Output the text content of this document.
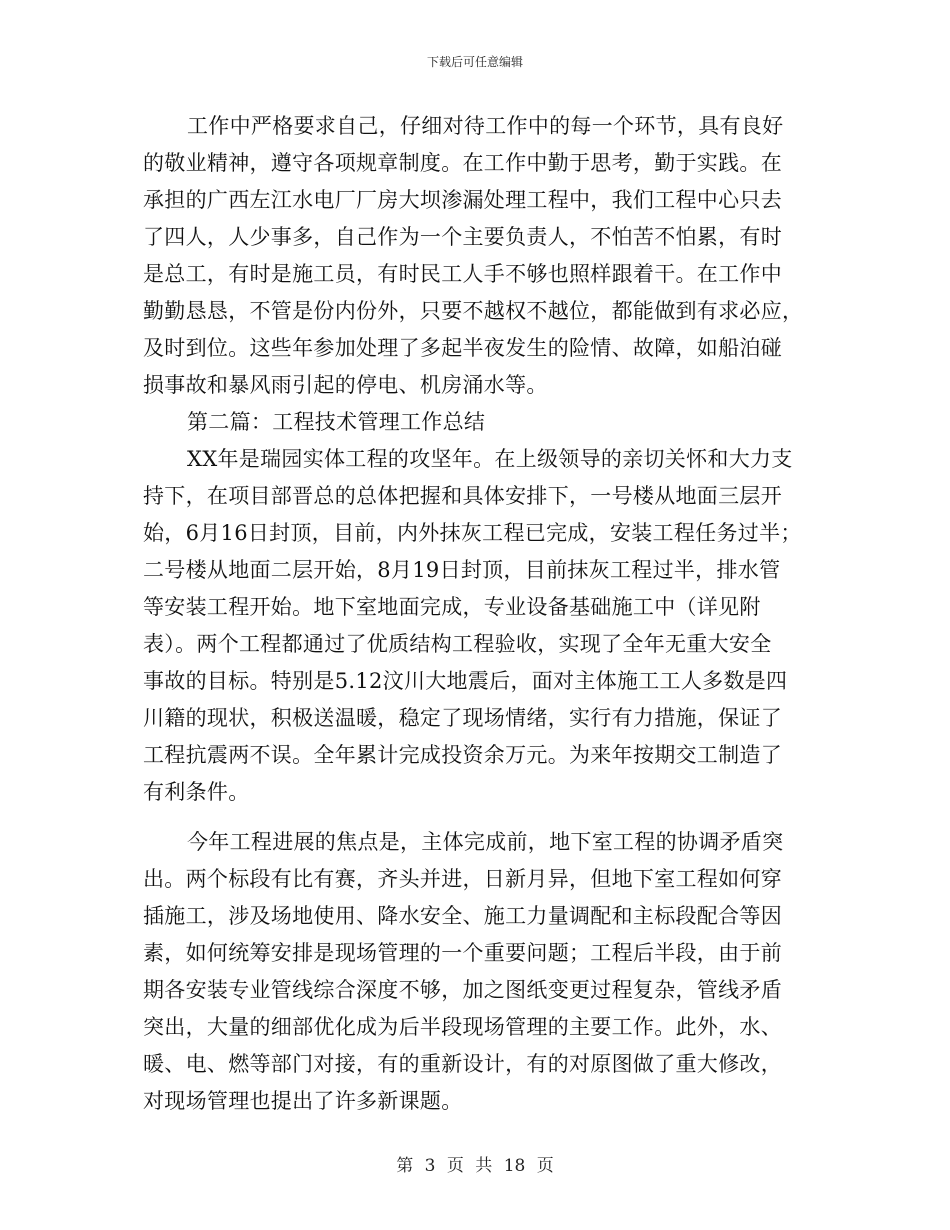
下载后可任意编辑

工作中严格要求自己，仔细对待工作中的每一个环节，具有良好
的敬业精神，遵守各项规章制度。在工作中勤于思考，勤于实践。在
承担的广西左江水电厂厂房大坝渗漏处理工程中，我们工程中心只去
了四人，人少事多，自己作为一个主要负责人，不怕苦不怕累，有时
是总工，有时是施工员，有时民工人手不够也照样跟着干。在工作中
勤勤恳恳，不管是份内份外，只要不越权不越位，都能做到有求必应，
及时到位。这些年参加处理了多起半夜发生的险情、故障，如船泊碰
损事故和暴风雨引起的停电、机房涌水等。

第二篇：工程技术管理工作总结

XX年是瑞园实体工程的攻坚年。在上级领导的亲切关怀和大力支
持下，在项目部晋总的总体把握和具体安排下，一号楼从地面三层开
始，6月16日封顶，目前，内外抹灰工程已完成，安装工程任务过半；
二号楼从地面二层开始，8月19日封顶，目前抹灰工程过半，排水管
等安装工程开始。地下室地面完成，专业设备基础施工中（详见附
表）。两个工程都通过了优质结构工程验收，实现了全年无重大安全
事故的目标。特别是5.12汶川大地震后，面对主体施工工人多数是四
川籍的现状，积极送温暖，稳定了现场情绪，实行有力措施，保证了
工程抗震两不误。全年累计完成投资余万元。为来年按期交工制造了
有利条件。

今年工程进展的焦点是，主体完成前，地下室工程的协调矛盾突
出。两个标段有比有赛，齐头并进，日新月异，但地下室工程如何穿
插施工，涉及场地使用、降水安全、施工力量调配和主标段配合等因
素，如何统筹安排是现场管理的一个重要问题；工程后半段，由于前
期各安装专业管线综合深度不够，加之图纸变更过程复杂，管线矛盾
突出，大量的细部优化成为后半段现场管理的主要工作。此外，水、
暖、电、燃等部门对接，有的重新设计，有的对原图做了重大修改，
对现场管理也提出了许多新课题。

第 3 页 共 18 页
